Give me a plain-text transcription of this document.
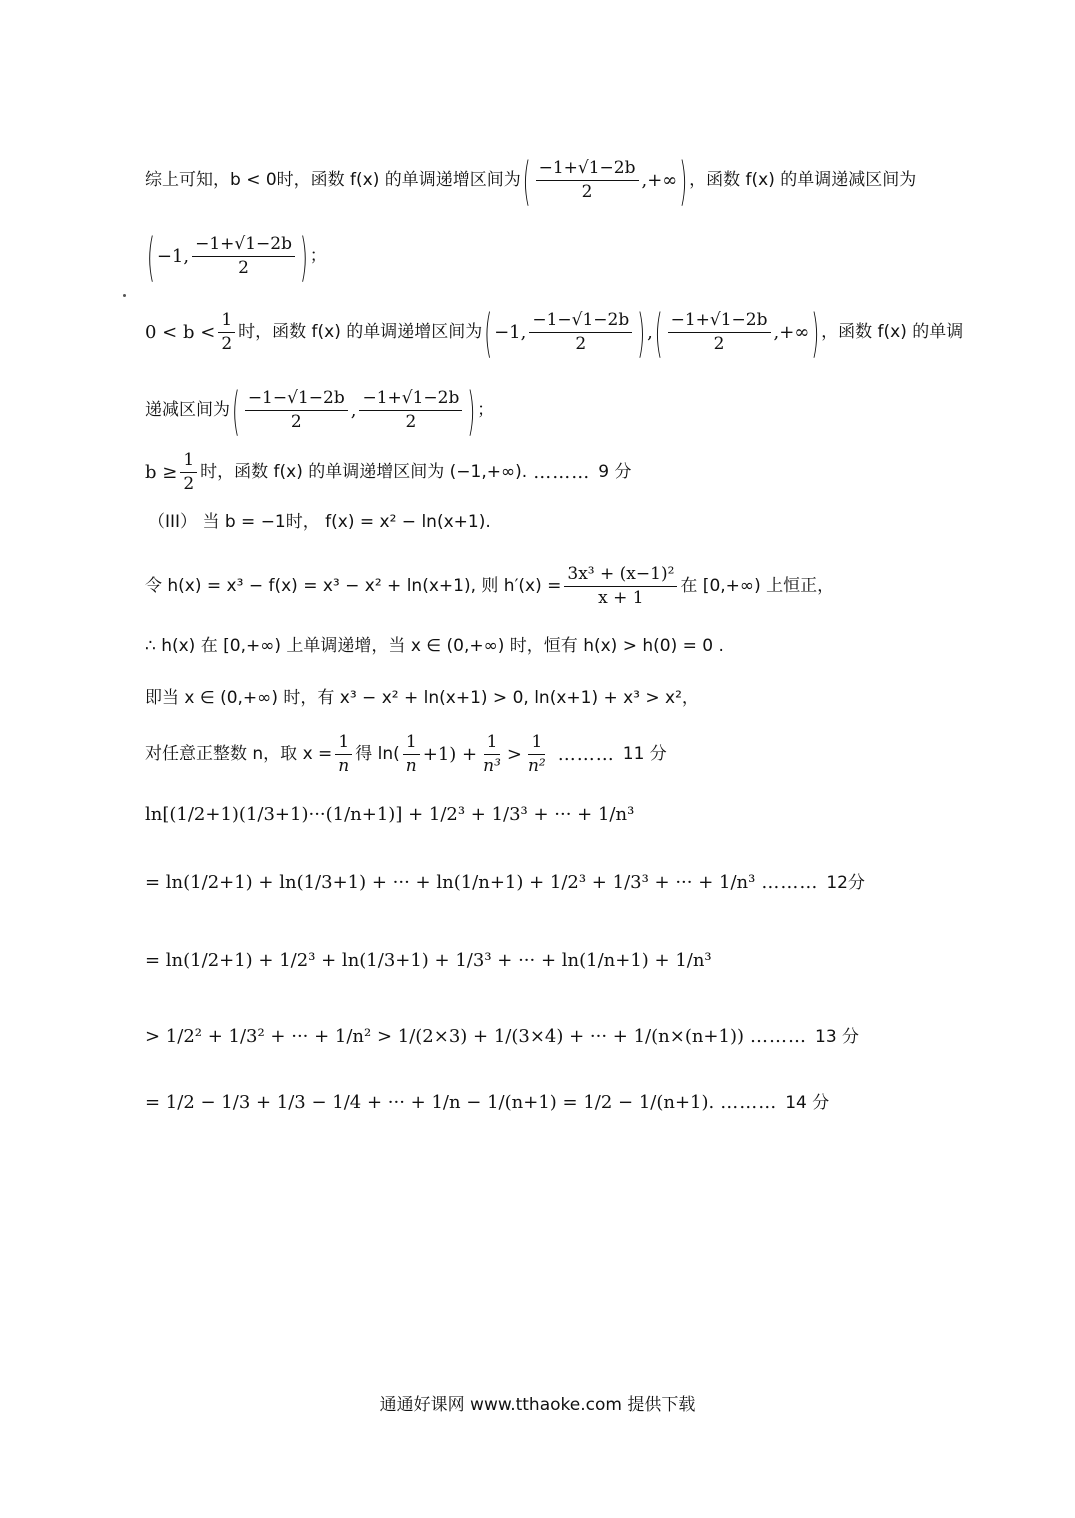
综上可知， b < 0时，函数 f(x) 的单调递增区间为 ( $\frac{-1+√1-2b}{2}$ ,+∞ ) ，函数 f(x) 的单调递减区间为
( −1, $\frac{-1+√1-2b}{2}$ ) ；
$0 < b < \frac{1}{2}$ 时，函数 f(x) 的单调递增区间为 ( −1, $\frac{-1-√1-2b}{2}$ ) , ( $\frac{-1+√1-2b}{2}$ ,+∞ ) ，函数 f(x) 的单调
递减区间为 ( $\frac{-1-√1-2b}{2}$ , $\frac{-1+√1-2b}{2}$ ) ；
$b \ge \frac{1}{2}$ 时，函数 f(x) 的单调递增区间为 (−1,+∞). ……… 9 分
（III） 当 b = −1时， f(x) = x² − ln(x+1).
令 h(x) = x³ − f(x) = x³ − x² + ln(x+1), 则 $h'(x) = \frac{\text{3x³ + (x−1)²}}{x + 1}$ 在 [0,+∞) 上恒正，
∴ h(x) 在 [0,+∞) 上单调递增，当 x ∈ (0,+∞) 时，恒有 h(x) > h(0) = 0 .
即当 x ∈ (0,+∞) 时，有 x³ − x² + ln(x+1) > 0, ln(x+1) + x³ > x²，
对任意正整数 n，取 $x = \frac{1}{n}$ 得 $\ln( \frac{1}{n} +1) + \frac{1}{\text{n³}} > \frac{1}{\text{n²}}$ ……… 11 分
ln[(1/2+1)(1/3+1)···(1/n+1)] + 1/2³ + 1/3³ + ··· + 1/n³
= ln(1/2+1) + ln(1/3+1) + ··· + ln(1/n+1) + 1/2³ + 1/3³ + ··· + 1/n³ ……… 12分
= ln(1/2+1) + 1/2³ + ln(1/3+1) + 1/3³ + ··· + ln(1/n+1) + 1/n³
> 1/2² + 1/3² + ··· + 1/n² > 1/(2×3) + 1/(3×4) + ··· + 1/(n×(n+1)) ……… 13 分
= 1/2 − 1/3 + 1/3 − 1/4 + ··· + 1/n − 1/(n+1) = 1/2 − 1/(n+1). ……… 14 分
通通好课网 www.tthaoke.com 提供下载
